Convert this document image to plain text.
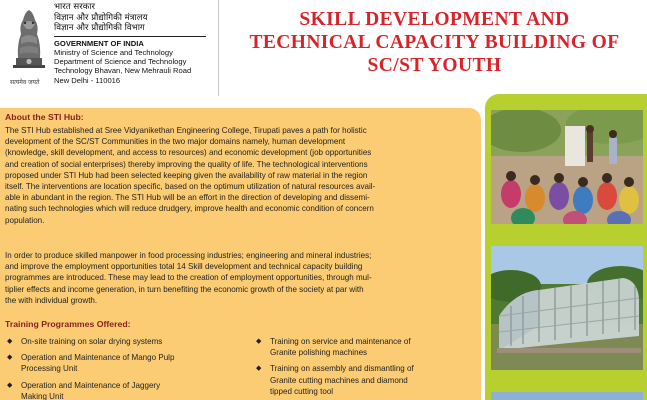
सत्यमेव जयते
भारत सरकार
विज्ञान और प्रौद्योगिकी मंत्रालय
विज्ञान और प्रौद्योगिकी विभाग
GOVERNMENT OF INDIA
Ministry of Science and Technology
Department of Science and Technology
Technology Bhavan, New Mehrauli Road
New Delhi - 110016
SKILL DEVELOPMENT AND
TECHNICAL CAPACITY BUILDING OF
SC/ST YOUTH
About the STI Hub:
The STI Hub established at Sree Vidyanikethan Engineering College, Tirupati paves a path for holistic
development of the SC/ST Communities in the two major domains namely, human development
(knowledge, skill development, and access to resources) and economic development (job opportunities
and creation of social enterprises) thereby improving the quality of life. The technological interventions
proposed under STI Hub had been selected keeping given the availability of raw material in the region
itself. The interventions are location specific, based on the optimum utilization of natural resources avail-
able in abundant in the region. The STI Hub will be an effort in the direction of developing and dissemi-
nating such technologies which will reduce drudgery, improve health and economic condition of concern
population.
In order to produce skilled manpower in food processing industries; engineering and mineral industries;
and improve the employment opportunities total 14 Skill development and technical capacity building
programmes are introduced. These may lead to the creation of employment opportunities, through mul-
tiplier effects and income generation, in turn benefiting the economic growth of the society at par with
the with individual growth.
Training Programmes Offered:
◆ On-site training on solar drying systems
◆ Operation and Maintenance of Mango Pulp
Processing Unit
◆ Operation and Maintenance of Jaggery
Making Unit
◆ Training on service and maintenance of
Granite polishing machines
◆ Training on assembly and dismantling of
Granite cutting machines and diamond
tipped cutting tool
